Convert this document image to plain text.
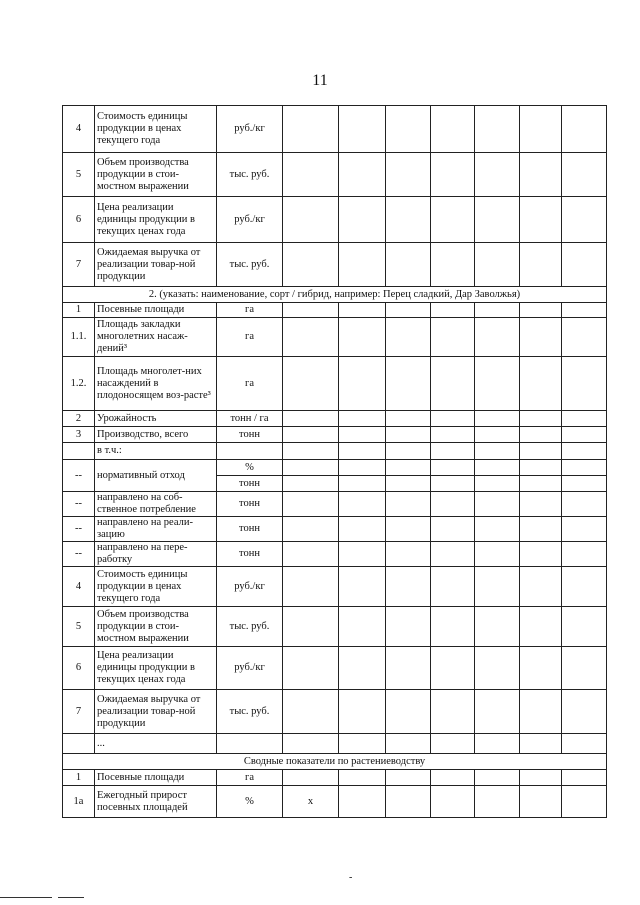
11
4	Стоимость единицы продукции в ценах текущего года	руб./кг							
5	Объем производства продукции в стои-мостном выражении	тыс. руб.							
6	Цена реализации единицы продукции в текущих ценах года	руб./кг							
7	Ожидаемая выручка от реализации товар-ной продукции	тыс. руб.							
2. (указать: наименование, сорт / гибрид, например: Перец сладкий, Дар Заволжья)									
1	Посевные площади	га							
1.1.	Площадь закладки многолетних насаж-дений³	га							
1.2.	Площадь многолет-них насаждений в плодоносящем воз-расте³	га							
2	Урожайность	тонн / га							
3	Производство, всего	тонн							
	в т.ч.:								
--	нормативный отход	%							
		тонн							
--	направлено на соб-ственное потребление	тонн							
--	направлено на реали-зацию	тонн							
--	направлено на пере-работку	тонн							
4	Стоимость единицы продукции в ценах текущего года	руб./кг							
5	Объем производства продукции в стои-мостном выражении	тыс. руб.							
6	Цена реализации единицы продукции в текущих ценах года	руб./кг							
7	Ожидаемая выручка от реализации товар-ной продукции	тыс. руб.							
	...								
Сводные показатели по растениеводству									
1	Посевные площади	га							
1а	Ежегодный прирост посевных площадей	%	x						
-
